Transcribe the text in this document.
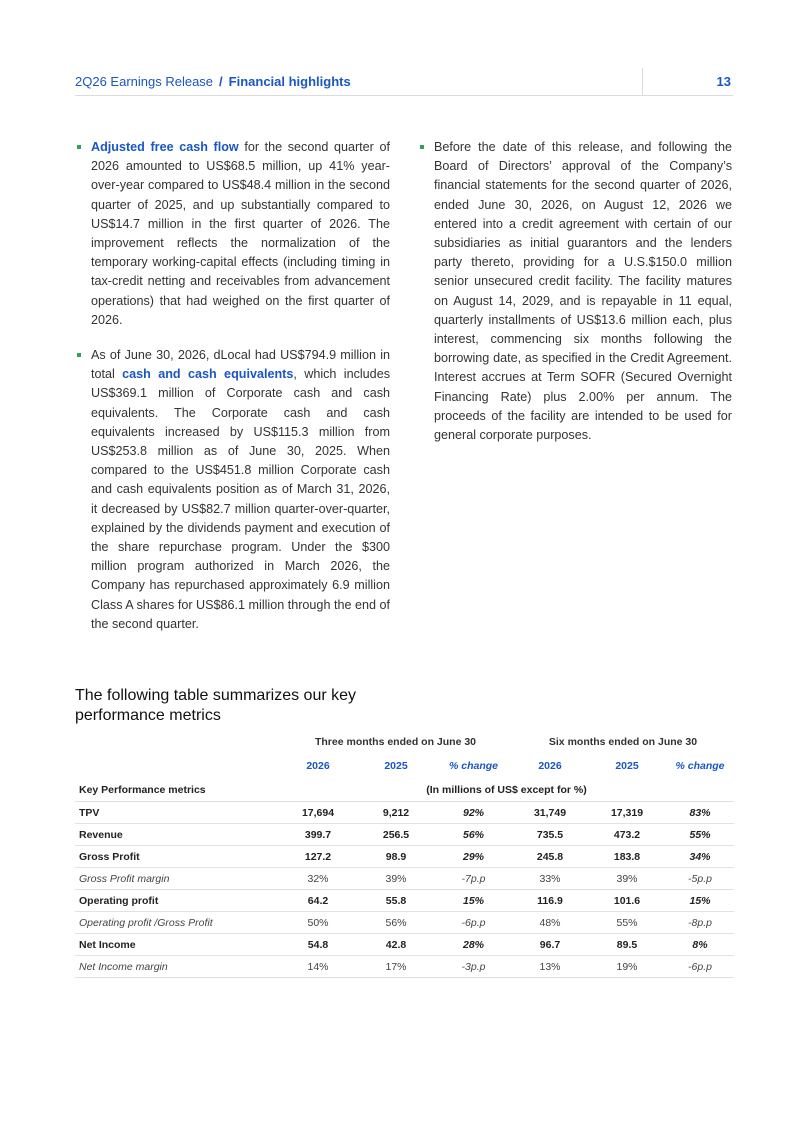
2Q26 Earnings Release / Financial highlights	13

Adjusted free cash flow for the second quarter of 2026 amounted to US$68.5 million, up 41% year-over-year compared to US$48.4 million in the second quarter of 2025, and up substantially compared to US$14.7 million in the first quarter of 2026. The improvement reflects the normalization of the temporary working-capital effects (including timing in tax-credit netting and receivables from advancement operations) that had weighed on the first quarter of 2026.

As of June 30, 2026, dLocal had US$794.9 million in total cash and cash equivalents, which includes US$369.1 million of Corporate cash and cash equivalents. The Corporate cash and cash equivalents increased by US$115.3 million from US$253.8 million as of June 30, 2025. When compared to the US$451.8 million Corporate cash and cash equivalents position as of March 31, 2026, it decreased by US$82.7 million quarter-over-quarter, explained by the dividends payment and execution of the share repurchase program. Under the $300 million program authorized in March 2026, the Company has repurchased approximately 6.9 million Class A shares for US$86.1 million through the end of the second quarter.

Before the date of this release, and following the Board of Directors’ approval of the Company’s financial statements for the second quarter of 2026, ended June 30, 2026, on August 12, 2026 we entered into a credit agreement with certain of our subsidiaries as initial guarantors and the lenders party thereto, providing for a U.S.$150.0 million senior unsecured credit facility. The facility matures on August 14, 2029, and is repayable in 11 equal, quarterly installments of US$13.6 million each, plus interest, commencing six months following the borrowing date, as specified in the Credit Agreement. Interest accrues at Term SOFR (Secured Overnight Financing Rate) plus 2.00% per annum. The proceeds of the facility are intended to be used for general corporate purposes.

The following table summarizes our key performance metrics
	Three months ended on June 30			Six months ended on June 30		
	2026	2025	% change	2026	2025	% change
Key Performance metrics	(In millions of US$ except for %)					
TPV	17,694	9,212	92%	31,749	17,319	83%
Revenue	399.7	256.5	56%	735.5	473.2	55%
Gross Profit	127.2	98.9	29%	245.8	183.8	34%
Gross Profit margin	32%	39%	-7p.p	33%	39%	-5p.p
Operating profit	64.2	55.8	15%	116.9	101.6	15%
Operating profit /Gross Profit	50%	56%	-6p.p	48%	55%	-8p.p
Net Income	54.8	42.8	28%	96.7	89.5	8%
Net Income margin	14%	17%	-3p.p	13%	19%	-6p.p
